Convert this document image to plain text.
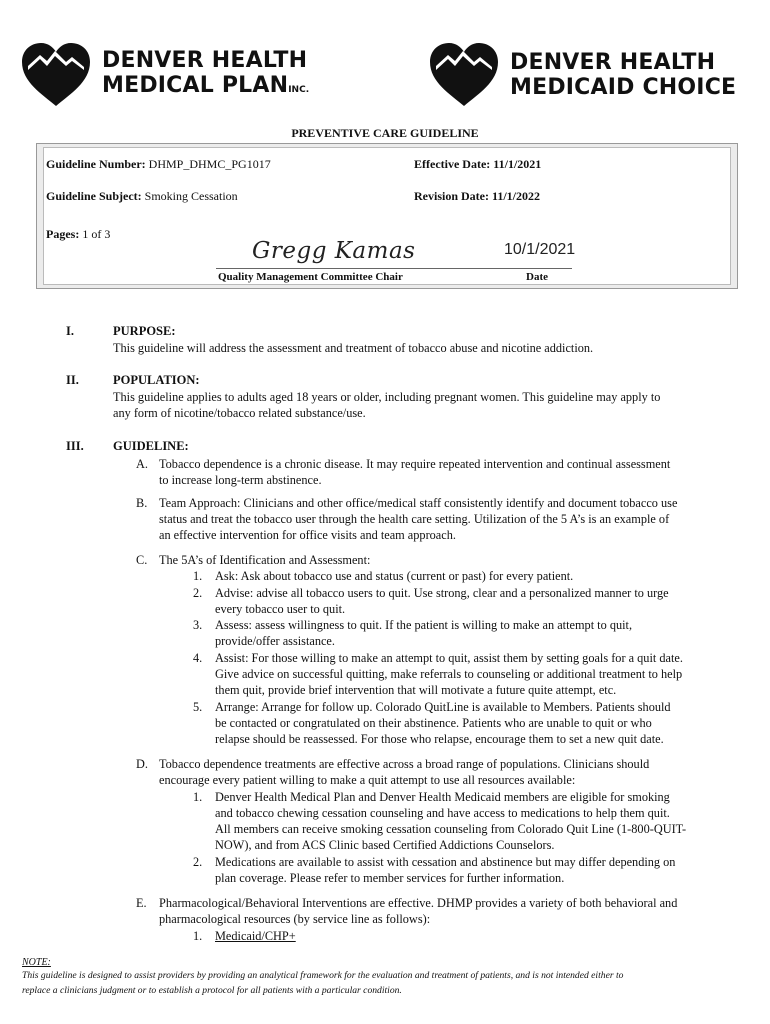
DENVER HEALTH
MEDICAL PLANINC.
DENVER HEALTH
MEDICAID CHOICE
PREVENTIVE CARE GUIDELINE
Guideline Number: DHMP_DHMC_PG1017	Effective Date: 11/1/2021
Guideline Subject: Smoking Cessation	Revision Date: 11/1/2022
Pages: 1 of 3
Gregg Kamas	10/1/2021
Quality Management Committee Chair	Date
I.	PURPOSE:
This guideline will address the assessment and treatment of tobacco abuse and nicotine addiction.
II.	POPULATION:
This guideline applies to adults aged 18 years or older, including pregnant women. This guideline may apply to
any form of nicotine/tobacco related substance/use.
III. GUIDELINE:
A. Tobacco dependence is a chronic disease. It may require repeated intervention and continual assessment
to increase long-term abstinence.
B. Team Approach: Clinicians and other office/medical staff consistently identify and document tobacco use
status and treat the tobacco user through the health care setting. Utilization of the 5 A’s is an example of
an effective intervention for office visits and team approach.
C. The 5A’s of Identification and Assessment:
1. Ask: Ask about tobacco use and status (current or past) for every patient.
2. Advise: advise all tobacco users to quit. Use strong, clear and a personalized manner to urge
every tobacco user to quit.
3. Assess: assess willingness to quit. If the patient is willing to make an attempt to quit,
provide/offer assistance.
4. Assist: For those willing to make an attempt to quit, assist them by setting goals for a quit date.
Give advice on successful quitting, make referrals to counseling or additional treatment to help
them quit, provide brief intervention that will motivate a future quite attempt, etc.
5. Arrange: Arrange for follow up. Colorado QuitLine is available to Members. Patients should
be contacted or congratulated on their abstinence. Patients who are unable to quit or who
relapse should be reassessed. For those who relapse, encourage them to set a new quit date.
D. Tobacco dependence treatments are effective across a broad range of populations. Clinicians should
encourage every patient willing to make a quit attempt to use all resources available:
1. Denver Health Medical Plan and Denver Health Medicaid members are eligible for smoking
and tobacco chewing cessation counseling and have access to medications to help them quit.
All members can receive smoking cessation counseling from Colorado Quit Line (1-800-QUIT-
NOW), and from ACS Clinic based Certified Addictions Counselors.
2. Medications are available to assist with cessation and abstinence but may differ depending on
plan coverage. Please refer to member services for further information.
E. Pharmacological/Behavioral Interventions are effective. DHMP provides a variety of both behavioral and
pharmacological resources (by service line as follows):
1. Medicaid/CHP+
NOTE:
This guideline is designed to assist providers by providing an analytical framework for the evaluation and treatment of patients, and is not intended either to
replace a clinicians judgment or to establish a protocol for all patients with a particular condition.
